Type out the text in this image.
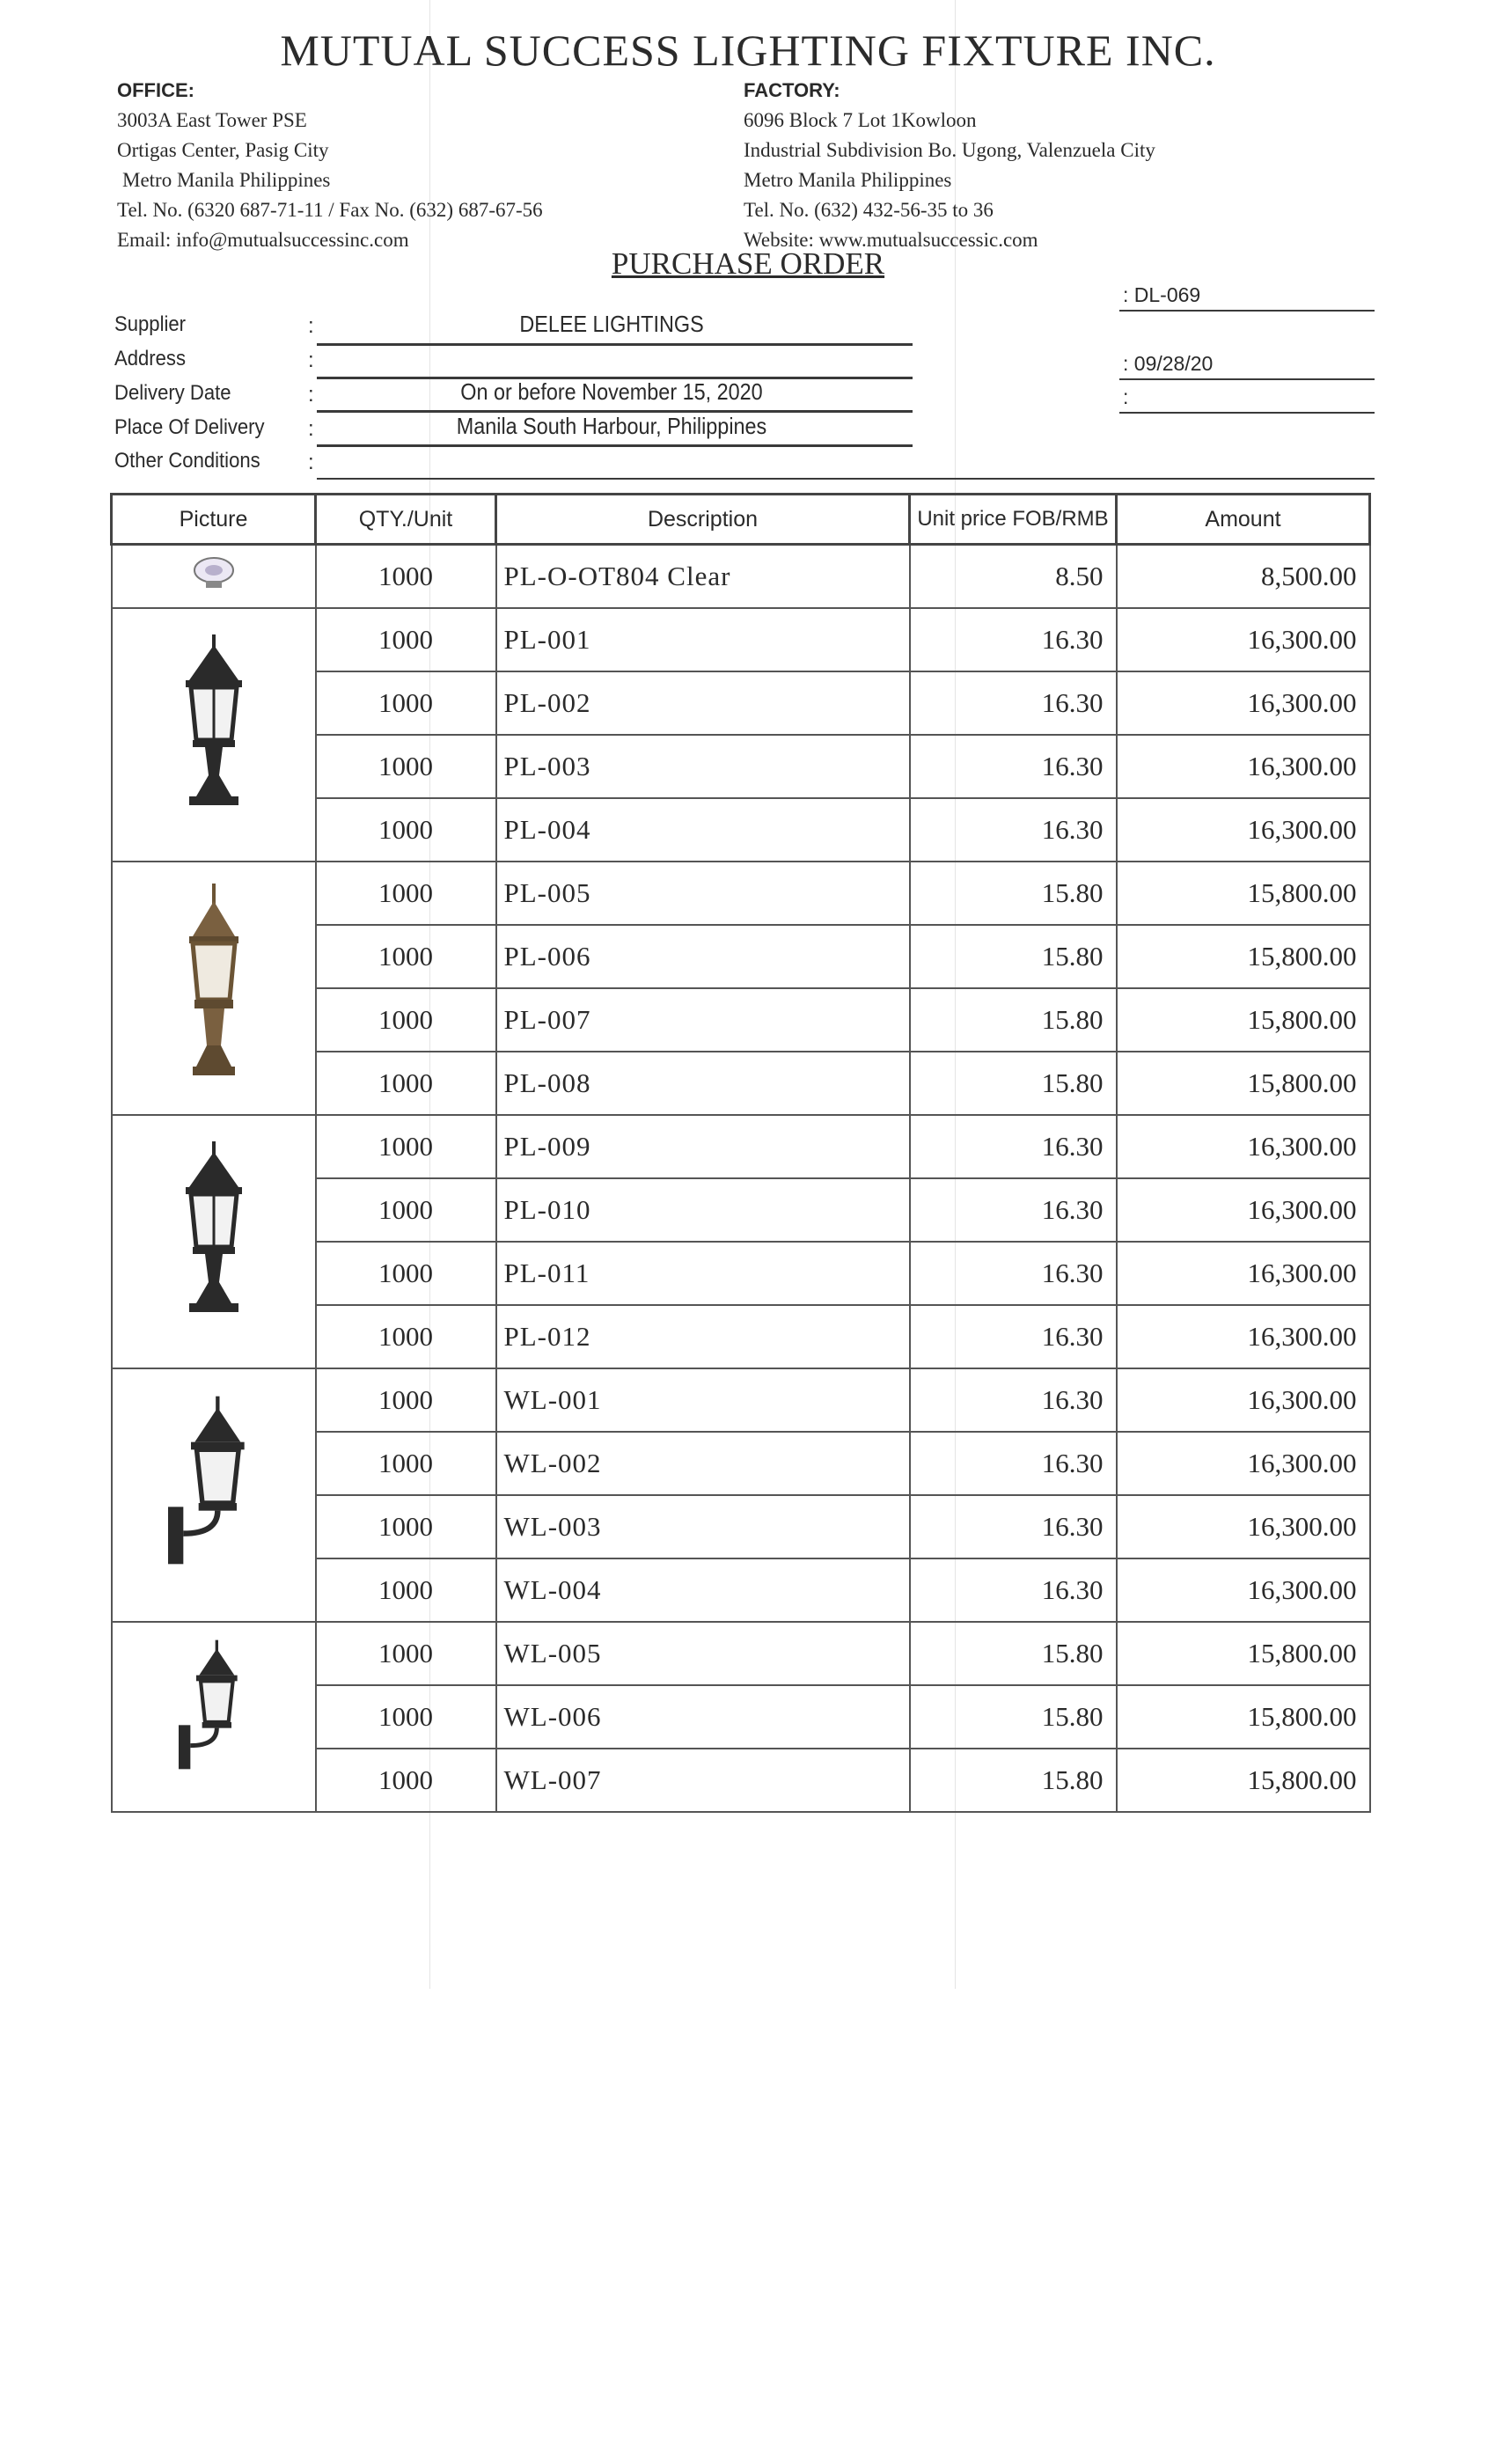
MUTUAL SUCCESS LIGHTING FIXTURE INC.
OFFICE:
3003A East Tower PSE
Ortigas Center, Pasig City
Metro Manila Philippines
Tel. No. (6320 687-71-11 / Fax No. (632) 687-67-56
Email: info@mutualsuccessinc.com
FACTORY:
6096 Block 7 Lot 1Kowloon
Industrial Subdivision Bo. Ugong, Valenzuela City
Metro Manila Philippines
Tel. No. (632) 432-56-35 to 36
Website: www.mutualsuccessic.com
PURCHASE ORDER
Supplier	:	DELEE LIGHTINGS
Address	:
Delivery Date	:	On or before November 15, 2020
Place Of Delivery :	Manila South Harbour, Philippines
Other Conditions :
: DL-069
: 09/28/20
:
Picture	QTY./Unit	Description	Unit price FOB/RMB	Amount
	1000	PL-O-OT804 Clear	8.50	8,500.00
	1000	PL-001	16.30	16,300.00
	1000	PL-002	16.30	16,300.00
	1000	PL-003	16.30	16,300.00
	1000	PL-004	16.30	16,300.00
	1000	PL-005	15.80	15,800.00
	1000	PL-006	15.80	15,800.00
	1000	PL-007	15.80	15,800.00
	1000	PL-008	15.80	15,800.00
	1000	PL-009	16.30	16,300.00
	1000	PL-010	16.30	16,300.00
	1000	PL-011	16.30	16,300.00
	1000	PL-012	16.30	16,300.00
	1000	WL-001	16.30	16,300.00
	1000	WL-002	16.30	16,300.00
	1000	WL-003	16.30	16,300.00
	1000	WL-004	16.30	16,300.00
	1000	WL-005	15.80	15,800.00
	1000	WL-006	15.80	15,800.00
	1000	WL-007	15.80	15,800.00
